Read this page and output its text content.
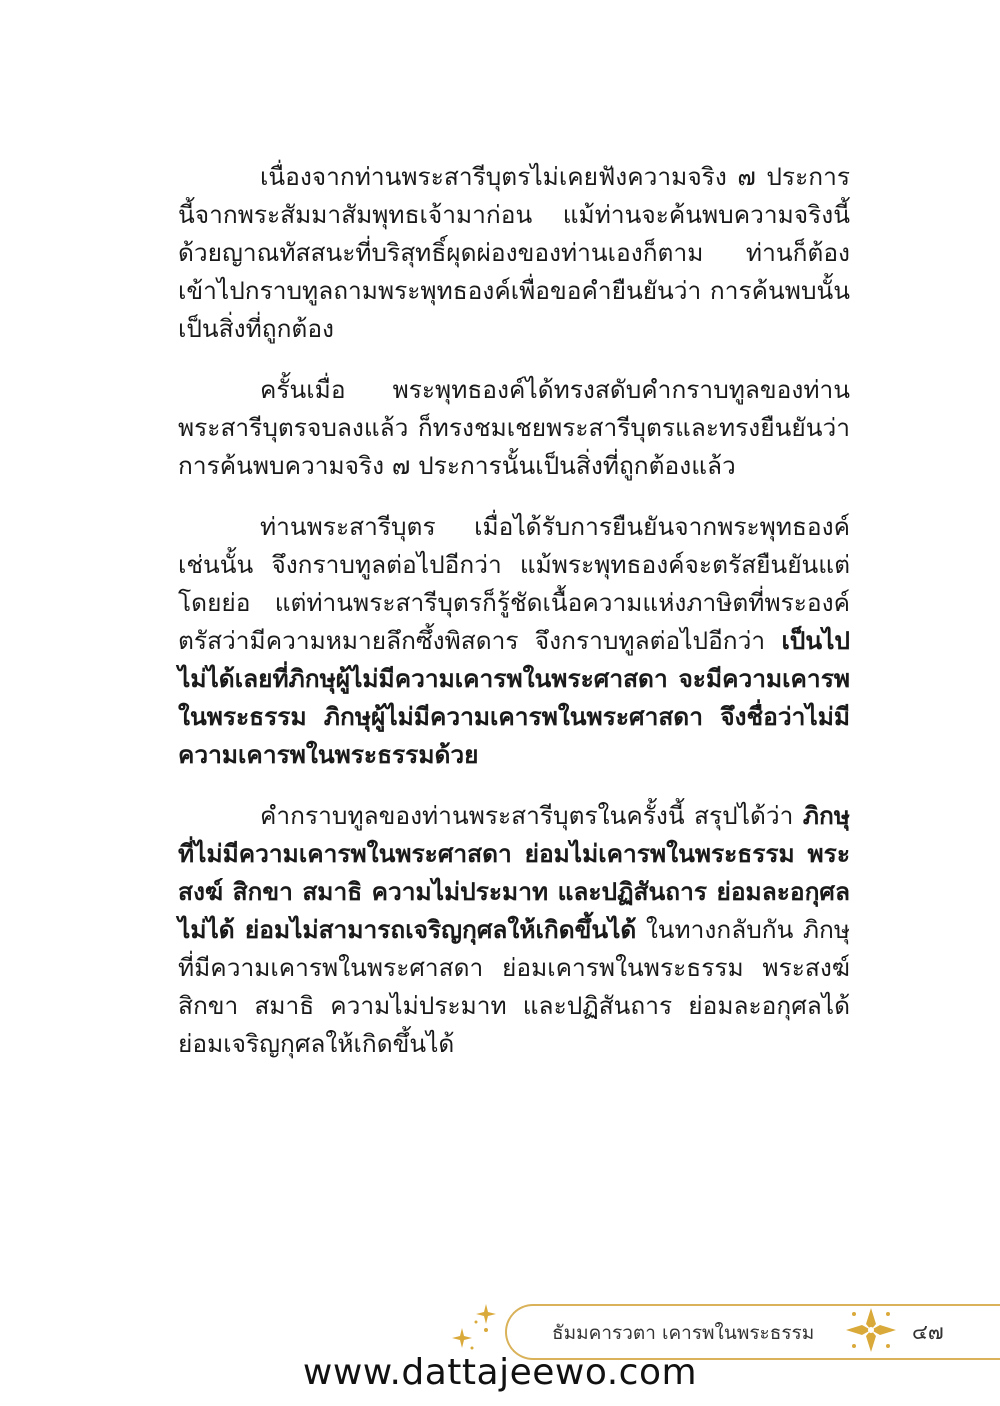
เนื่องจากท่านพระสารีบุตรไม่เคยฟังความจริง ๗ ประการนี้จากพระสัมมาสัมพุทธเจ้ามาก่อน แม้ท่านจะค้นพบความจริงนี้ด้วยญาณทัสสนะที่บริสุทธิ์ผุดผ่องของท่านเองก็ตาม ท่านก็ต้องเข้าไปกราบทูลถามพระพุทธองค์เพื่อขอคำยืนยันว่า การค้นพบนั้นเป็นสิ่งที่ถูกต้อง

ครั้นเมื่อ พระพุทธองค์ได้ทรงสดับคำกราบทูลของท่านพระสารีบุตรจบลงแล้ว ก็ทรงชมเชยพระสารีบุตรและทรงยืนยันว่า การค้นพบความจริง ๗ ประการนั้นเป็นสิ่งที่ถูกต้องแล้ว

ท่านพระสารีบุตร เมื่อได้รับการยืนยันจากพระพุทธองค์เช่นนั้น จึงกราบทูลต่อไปอีกว่า แม้พระพุทธองค์จะตรัสยืนยันแต่โดยย่อ แต่ท่านพระสารีบุตรก็รู้ชัดเนื้อความแห่งภาษิตที่พระองค์ตรัสว่ามีความหมายลึกซึ้งพิสดาร จึงกราบทูลต่อไปอีกว่า เป็นไปไม่ได้เลยที่ภิกษุผู้ไม่มีความเคารพในพระศาสดา จะมีความเคารพในพระธรรม ภิกษุผู้ไม่มีความเคารพในพระศาสดา จึงชื่อว่าไม่มีความเคารพในพระธรรมด้วย

คำกราบทูลของท่านพระสารีบุตรในครั้งนี้ สรุปได้ว่า ภิกษุที่ไม่มีความเคารพในพระศาสดา ย่อมไม่เคารพในพระธรรม พระสงฆ์ สิกขา สมาธิ ความไม่ประมาท และปฏิสันถาร ย่อมละอกุศลไม่ได้ ย่อมไม่สามารถเจริญกุศลให้เกิดขึ้นได้ ในทางกลับกัน ภิกษุที่มีความเคารพในพระศาสดา ย่อมเคารพในพระธรรม พระสงฆ์ สิกขา สมาธิ ความไม่ประมาท และปฏิสันถาร ย่อมละอกุศลได้ ย่อมเจริญกุศลให้เกิดขึ้นได้

ธัมมคารวตา เคารพในพระธรรม	๔๗
www.dattajeewo.com
